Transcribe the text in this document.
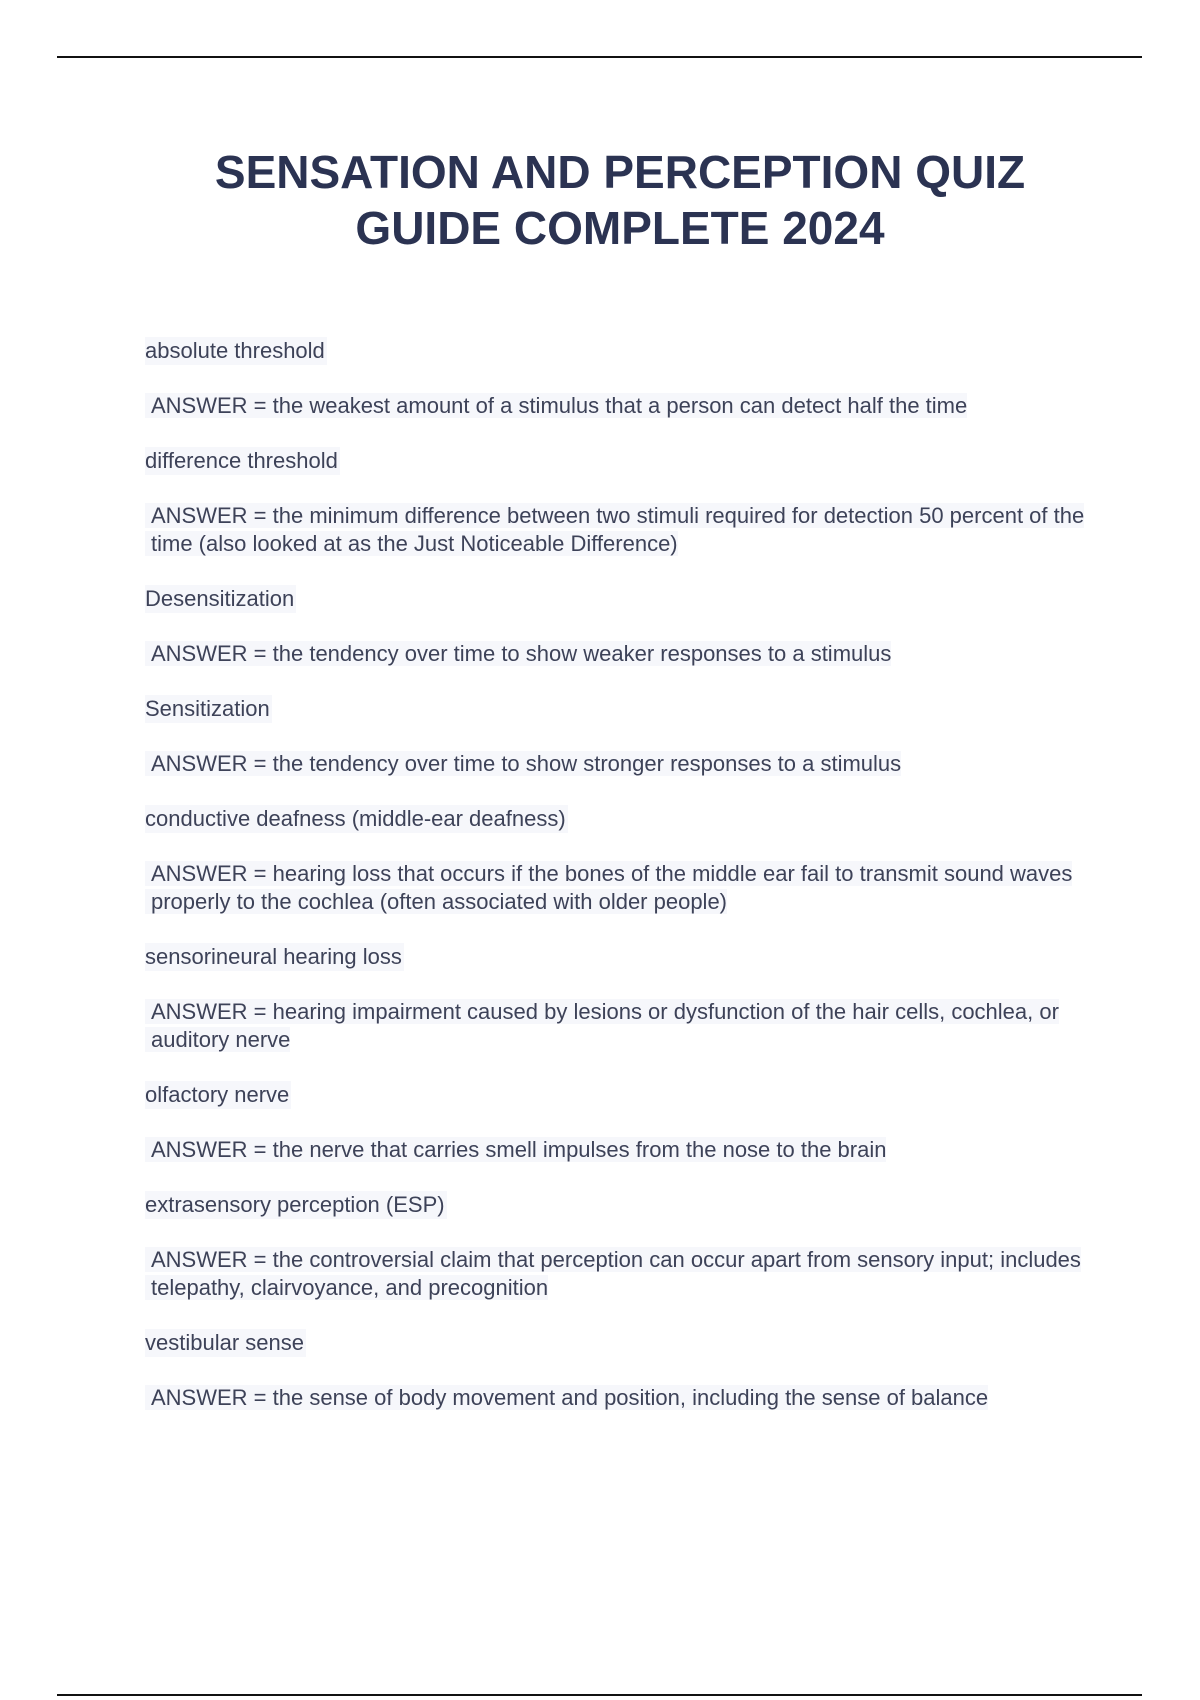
SENSATION AND PERCEPTION QUIZ
GUIDE COMPLETE 2024
absolute threshold
ANSWER = the weakest amount of a stimulus that a person can detect half the time
difference threshold
ANSWER = the minimum difference between two stimuli required for detection 50 percent of the time (also looked at as the Just Noticeable Difference)
Desensitization
ANSWER = the tendency over time to show weaker responses to a stimulus
Sensitization
ANSWER = the tendency over time to show stronger responses to a stimulus
conductive deafness (middle-ear deafness)
ANSWER = hearing loss that occurs if the bones of the middle ear fail to transmit sound waves properly to the cochlea (often associated with older people)
sensorineural hearing loss
ANSWER = hearing impairment caused by lesions or dysfunction of the hair cells, cochlea, or auditory nerve
olfactory nerve
ANSWER = the nerve that carries smell impulses from the nose to the brain
extrasensory perception (ESP)
ANSWER = the controversial claim that perception can occur apart from sensory input; includes telepathy, clairvoyance, and precognition
vestibular sense
ANSWER = the sense of body movement and position, including the sense of balance
